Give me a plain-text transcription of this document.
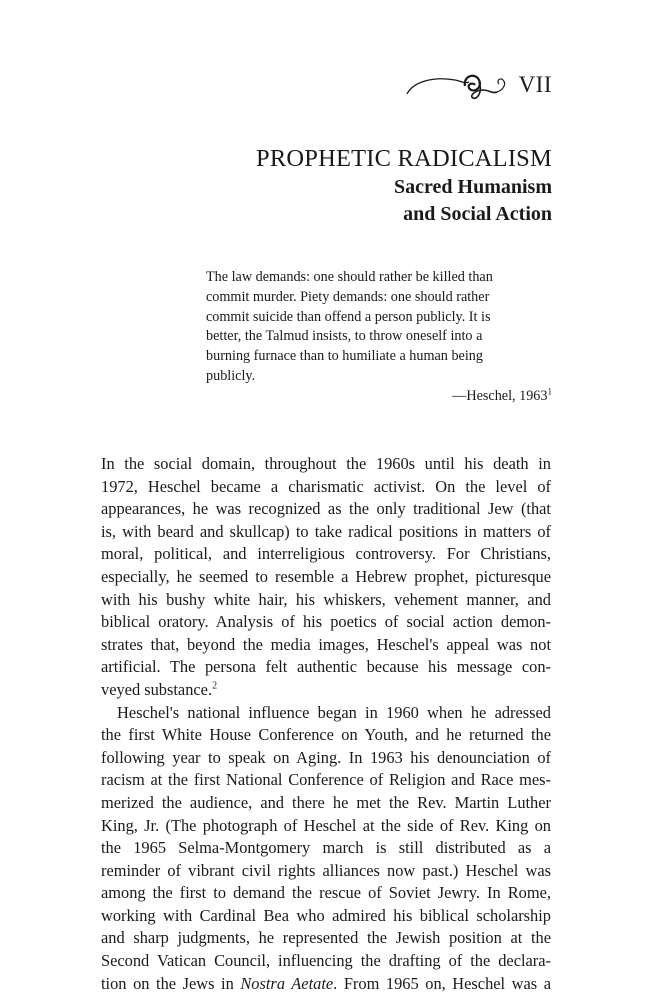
VII
PROPHETIC RADICALISM
Sacred Humanism
and Social Action

The law demands: one should rather be killed than

commit murder. Piety demands: one should rather

commit suicide than offend a person publicly. It is

better, the Talmud insists, to throw oneself into a

burning furnace than to humiliate a human being

publicly.

—Heschel, 1963$^1$

In the social domain, throughout the 1960s until his death in
1972, Heschel became a charismatic activist. On the level of
appearances, he was recognized as the only traditional Jew (that
is, with beard and skullcap) to take radical positions in matters of
moral, political, and interreligious controversy. For Christians,
especially, he seemed to resemble a Hebrew prophet, picturesque
with his bushy white hair, his whiskers, vehement manner, and
biblical oratory. Analysis of his poetics of social action demon-
strates that, beyond the media images, Heschel's appeal was not
artificial. The persona felt authentic because his message con-
veyed substance.$^2$
Heschel's national influence began in 1960 when he adressed
the first White House Conference on Youth, and he returned the
following year to speak on Aging. In 1963 his denounciation of
racism at the first National Conference of Religion and Race mes-
merized the audience, and there he met the Rev. Martin Luther
King, Jr. (The photograph of Heschel at the side of Rev. King on
the 1965 Selma-Montgomery march is still distributed as a
reminder of vibrant civil rights alliances now past.) Heschel was
among the first to demand the rescue of Soviet Jewry. In Rome,
working with Cardinal Bea who admired his biblical scholarship
and sharp judgments, he represented the Jewish position at the
Second Vatican Council, influencing the drafting of the declara-
tion on the Jews in Nostra Aetate. From 1965 on, Heschel was a
